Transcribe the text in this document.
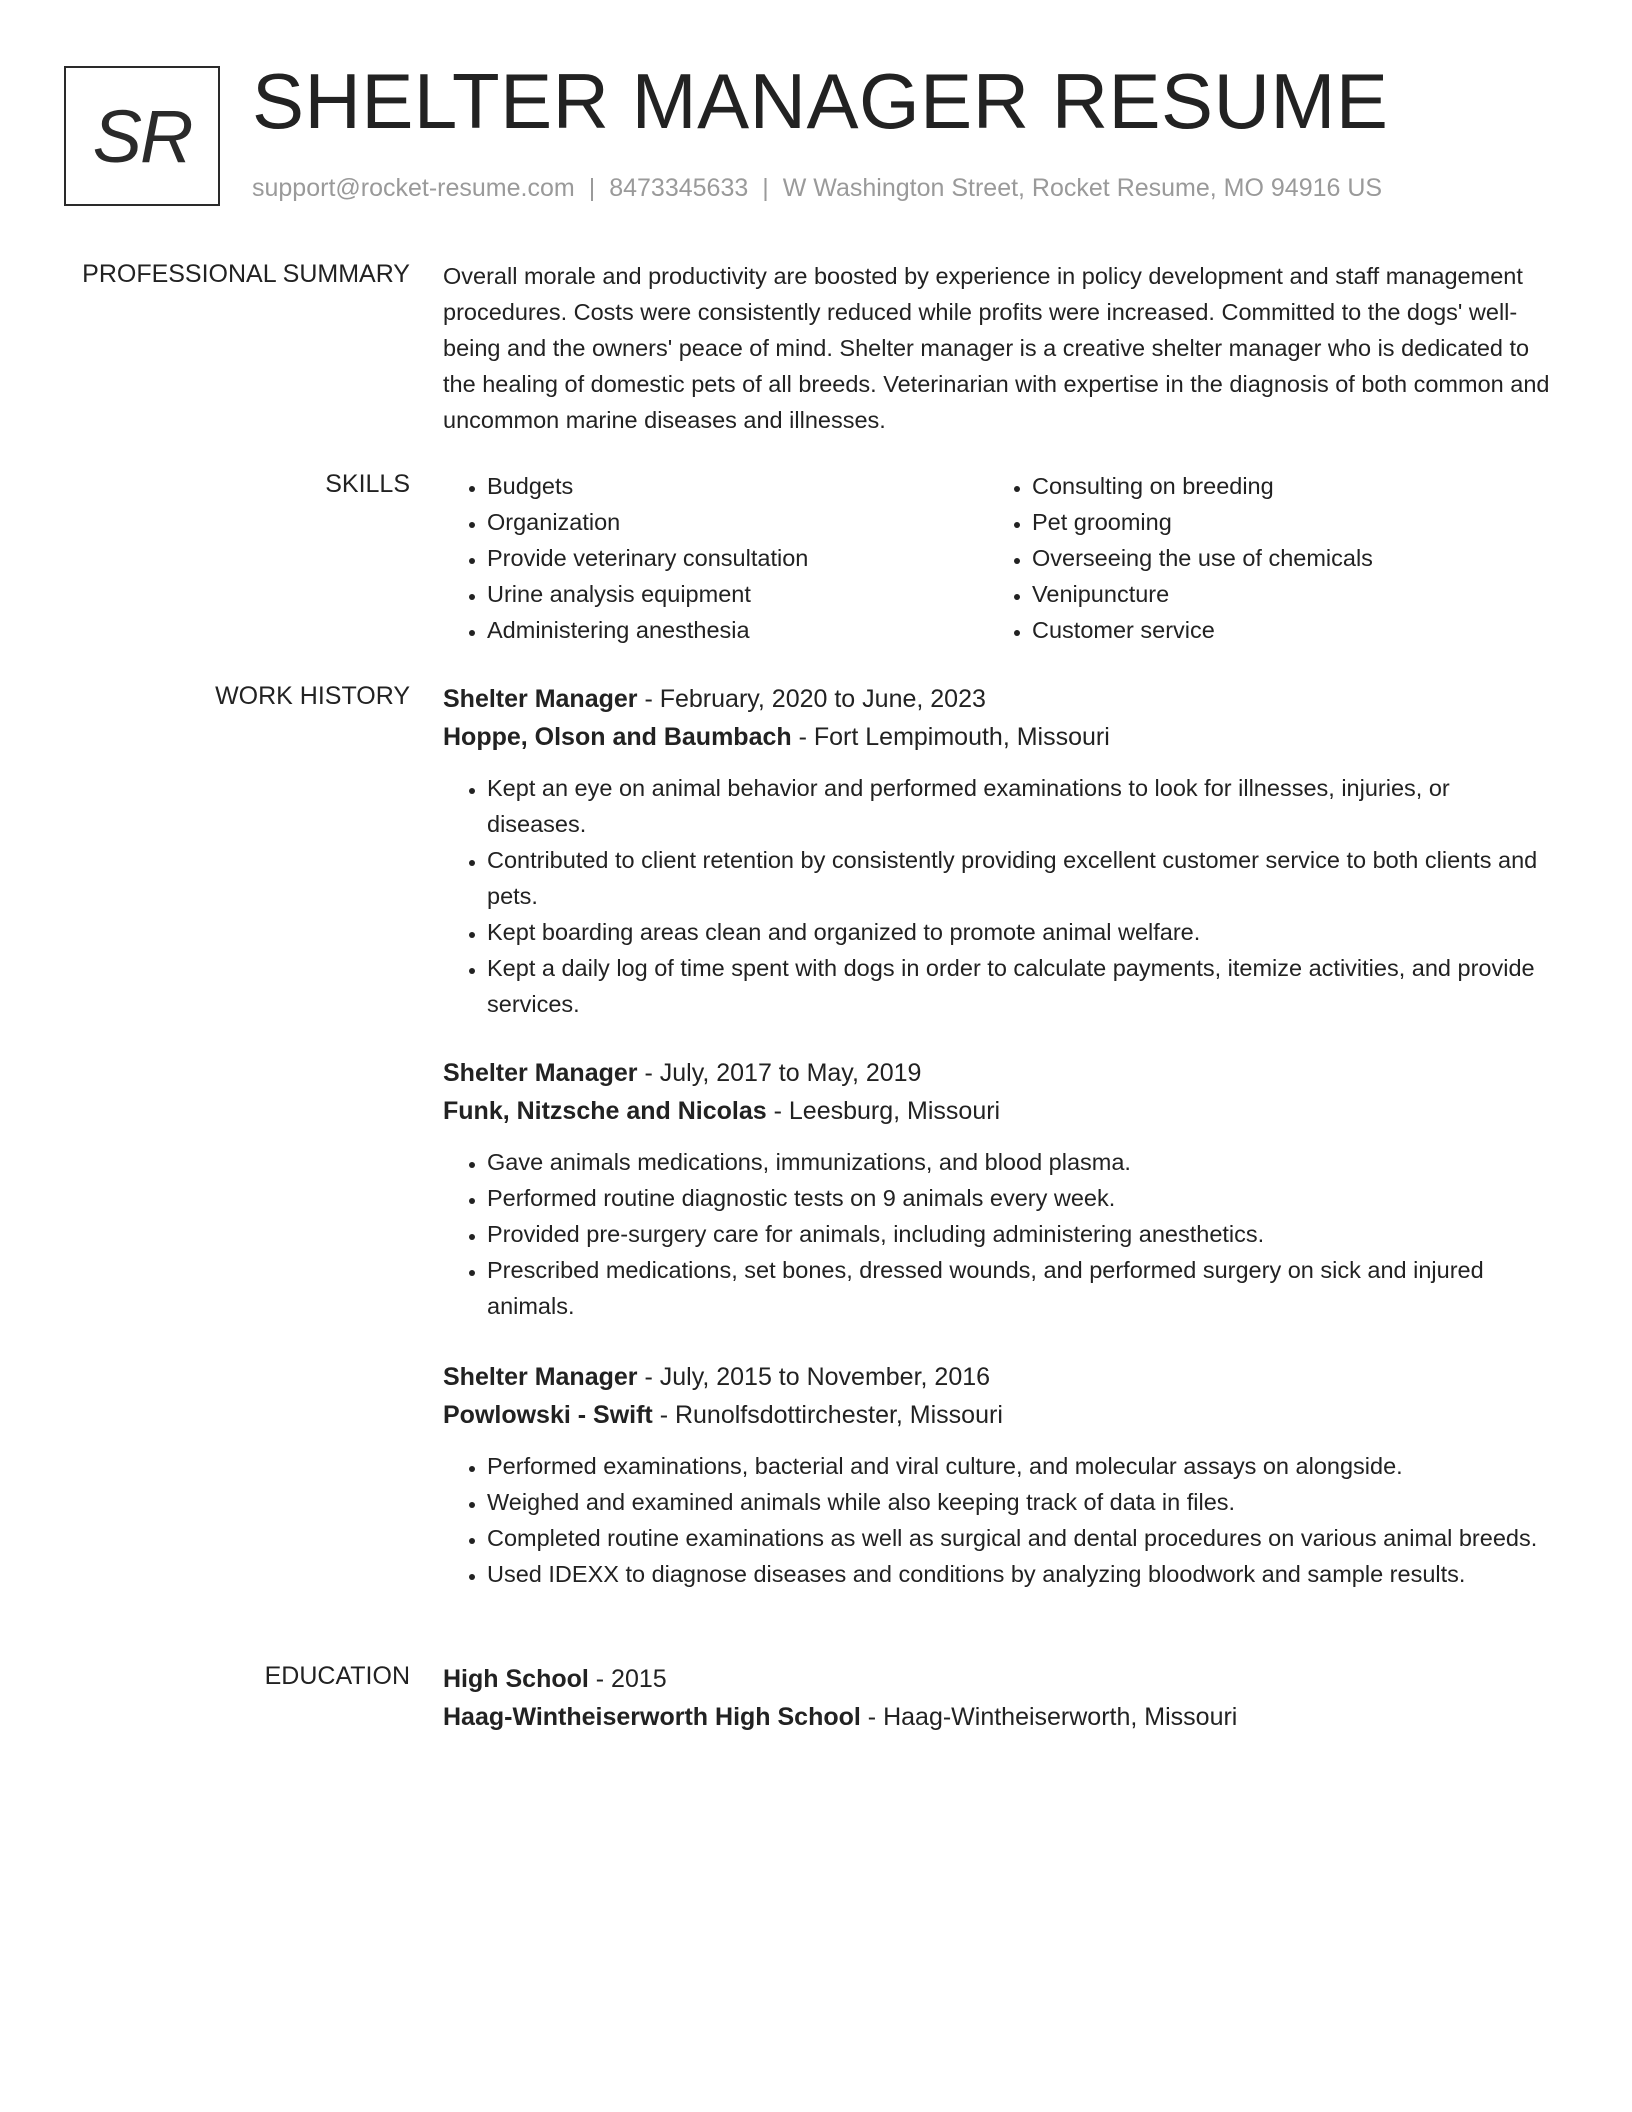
SR SHELTER MANAGER RESUME
support@rocket-resume.com | 8473345633 | W Washington Street, Rocket Resume, MO 94916 US
PROFESSIONAL SUMMARY Overall morale and productivity are boosted by experience in policy development and staff management procedures. Costs were consistently reduced while profits were increased. Committed to the dogs' well-being and the owners' peace of mind. Shelter manager is a creative shelter manager who is dedicated to the healing of domestic pets of all breeds. Veterinarian with expertise in the diagnosis of both common and uncommon marine diseases and illnesses.

SKILLS
•	Budgets
• Organization
• Provide veterinary consultation
• Urine analysis equipment
• Administering anesthesia
• Consulting on breeding
• Pet grooming
• Overseeing the use of chemicals
• Venipuncture
• Customer service
WORK HISTORY Shelter Manager - February, 2020 to June, 2023
Hoppe, Olson and Baumbach - Fort Lempimouth, Missouri
• Kept an eye on animal behavior and performed examinations to look for illnesses, injuries, or diseases.
• Contributed to client retention by consistently providing excellent customer service to both clients and pets.
• Kept boarding areas clean and organized to promote animal welfare.
• Kept a daily log of time spent with dogs in order to calculate payments, itemize activities, and provide services.
Shelter Manager - July, 2017 to May, 2019
Funk, Nitzsche and Nicolas - Leesburg, Missouri
• Gave animals medications, immunizations, and blood plasma.
• Performed routine diagnostic tests on 9 animals every week.
• Provided pre-surgery care for animals, including administering anesthetics.
• Prescribed medications, set bones, dressed wounds, and performed surgery on sick and injured animals.
Shelter Manager - July, 2015 to November, 2016
Powlowski - Swift - Runolfsdottirchester, Missouri
• Performed examinations, bacterial and viral culture, and molecular assays on alongside.
• Weighed and examined animals while also keeping track of data in files.
• Completed routine examinations as well as surgical and dental procedures on various animal breeds.
• Used IDEXX to diagnose diseases and conditions by analyzing bloodwork and sample results.
EDUCATION High School - 2015
Haag-Wintheiserworth High School - Haag-Wintheiserworth, Missouri
